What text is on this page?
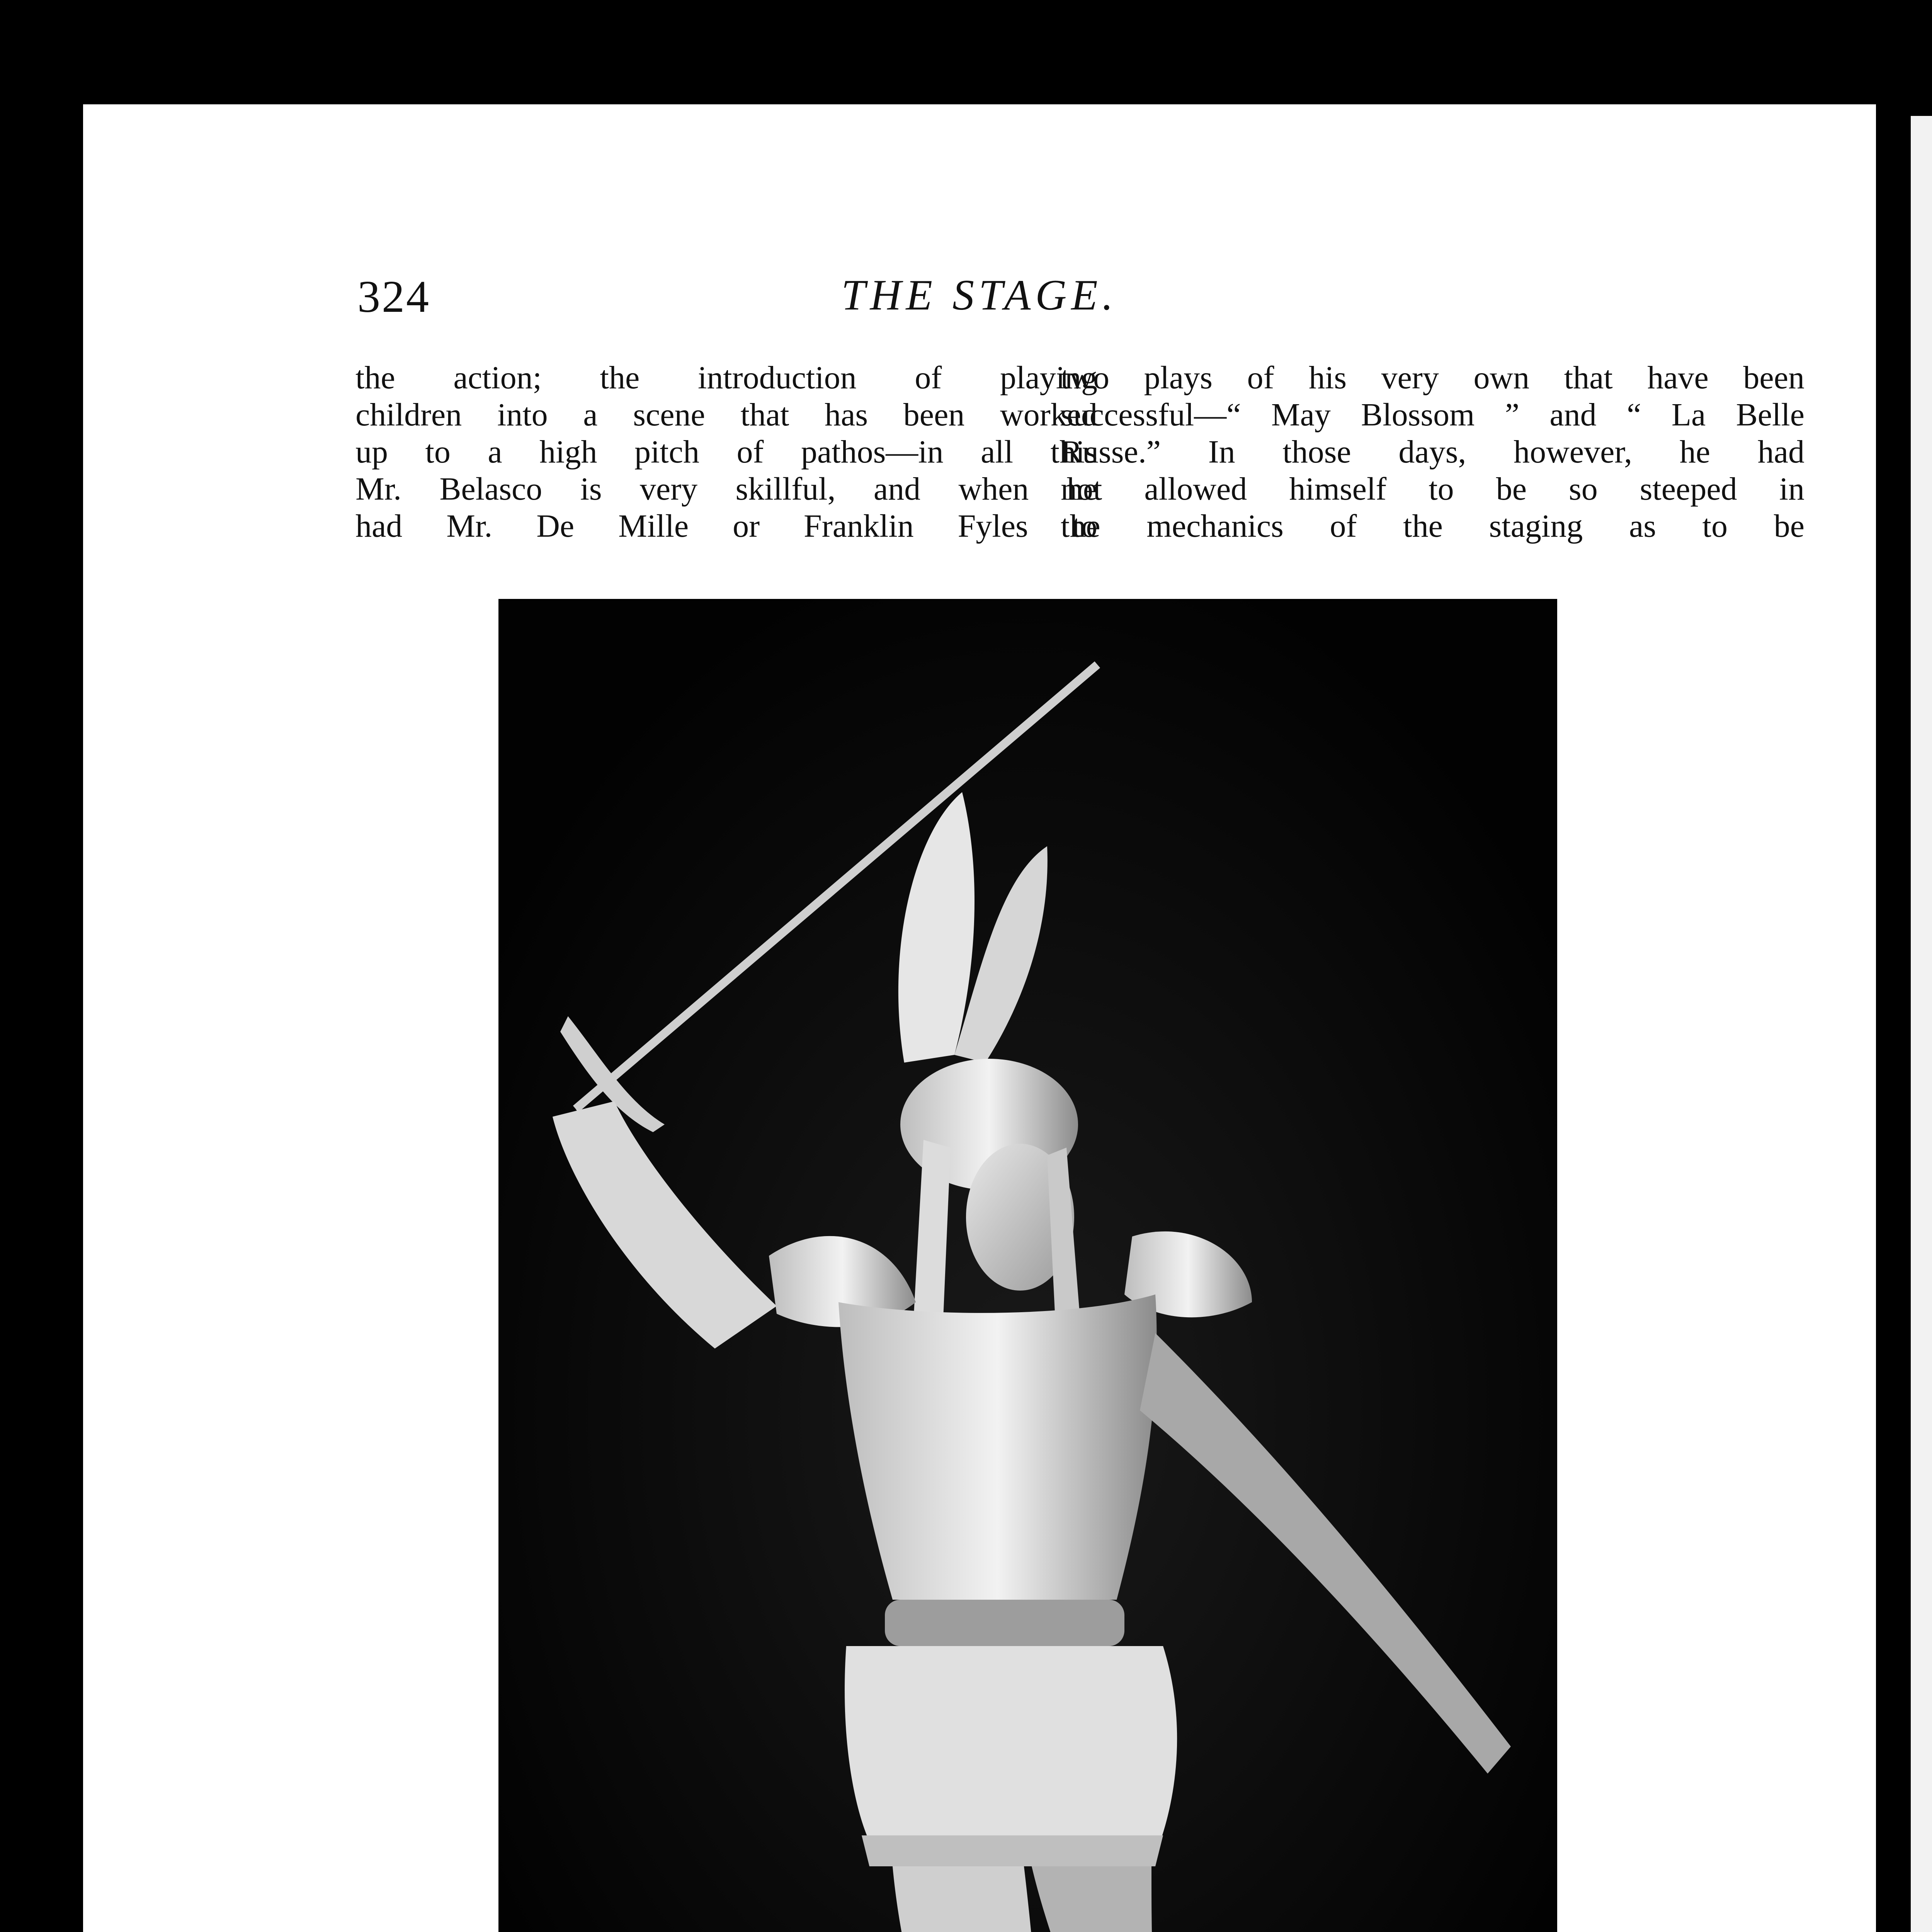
324	THE STAGE.
the action; the introduction of playing
children into a scene that has been worked
up to a high pitch of pathos—in all this
Mr. Belasco is very skillful, and when he
had Mr. De Mille or Franklin Fyles to
two plays of his very own that have been
successful—“ May Blossom ” and “ La Belle
Russe.” In those days, however, he had
not allowed himself to be so steeped in
the mechanics of the staging as to be
